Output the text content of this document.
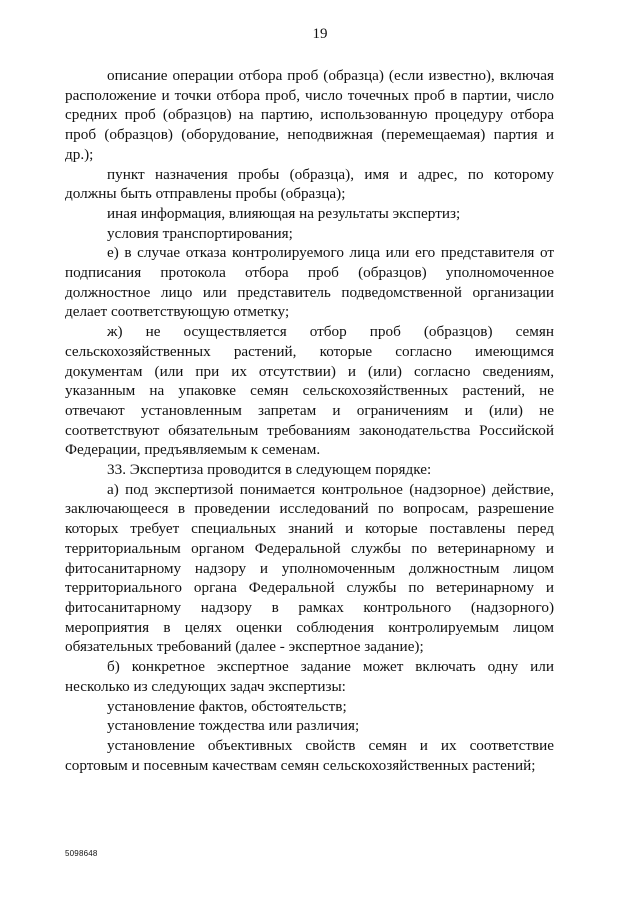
19

описание операции отбора проб (образца) (если известно), включая расположение и точки отбора проб, число точечных проб в партии, число средних проб (образцов) на партию, использованную процедуру отбора проб (образцов) (оборудование, неподвижная (перемещаемая) партия и др.);

пункт назначения пробы (образца), имя и адрес, по которому должны быть отправлены пробы (образца);

иная информация, влияющая на результаты экспертиз;

условия транспортирования;

е) в случае отказа контролируемого лица или его представителя от подписания протокола отбора проб (образцов) уполномоченное должностное лицо или представитель подведомственной организации делает соответствующую отметку;

ж) не осуществляется отбор проб (образцов) семян сельскохозяйственных растений, которые согласно имеющимся документам (или при их отсутствии) и (или) согласно сведениям, указанным на упаковке семян сельскохозяйственных растений, не отвечают установленным запретам и ограничениям и (или) не соответствуют обязательным требованиям законодательства Российской Федерации, предъявляемым к семенам.

33. Экспертиза проводится в следующем порядке:

а) под экспертизой понимается контрольное (надзорное) действие, заключающееся в проведении исследований по вопросам, разрешение которых требует специальных знаний и которые поставлены перед территориальным органом Федеральной службы по ветеринарному и фитосанитарному надзору и уполномоченным должностным лицом территориального органа Федеральной службы по ветеринарному и фитосанитарному надзору в рамках контрольного (надзорного) мероприятия в целях оценки соблюдения контролируемым лицом обязательных требований (далее - экспертное задание);

б) конкретное экспертное задание может включать одну или несколько из следующих задач экспертизы:

установление фактов, обстоятельств;

установление тождества или различия;

установление объективных свойств семян и их соответствие сортовым и посевным качествам семян сельскохозяйственных растений;

5098648
